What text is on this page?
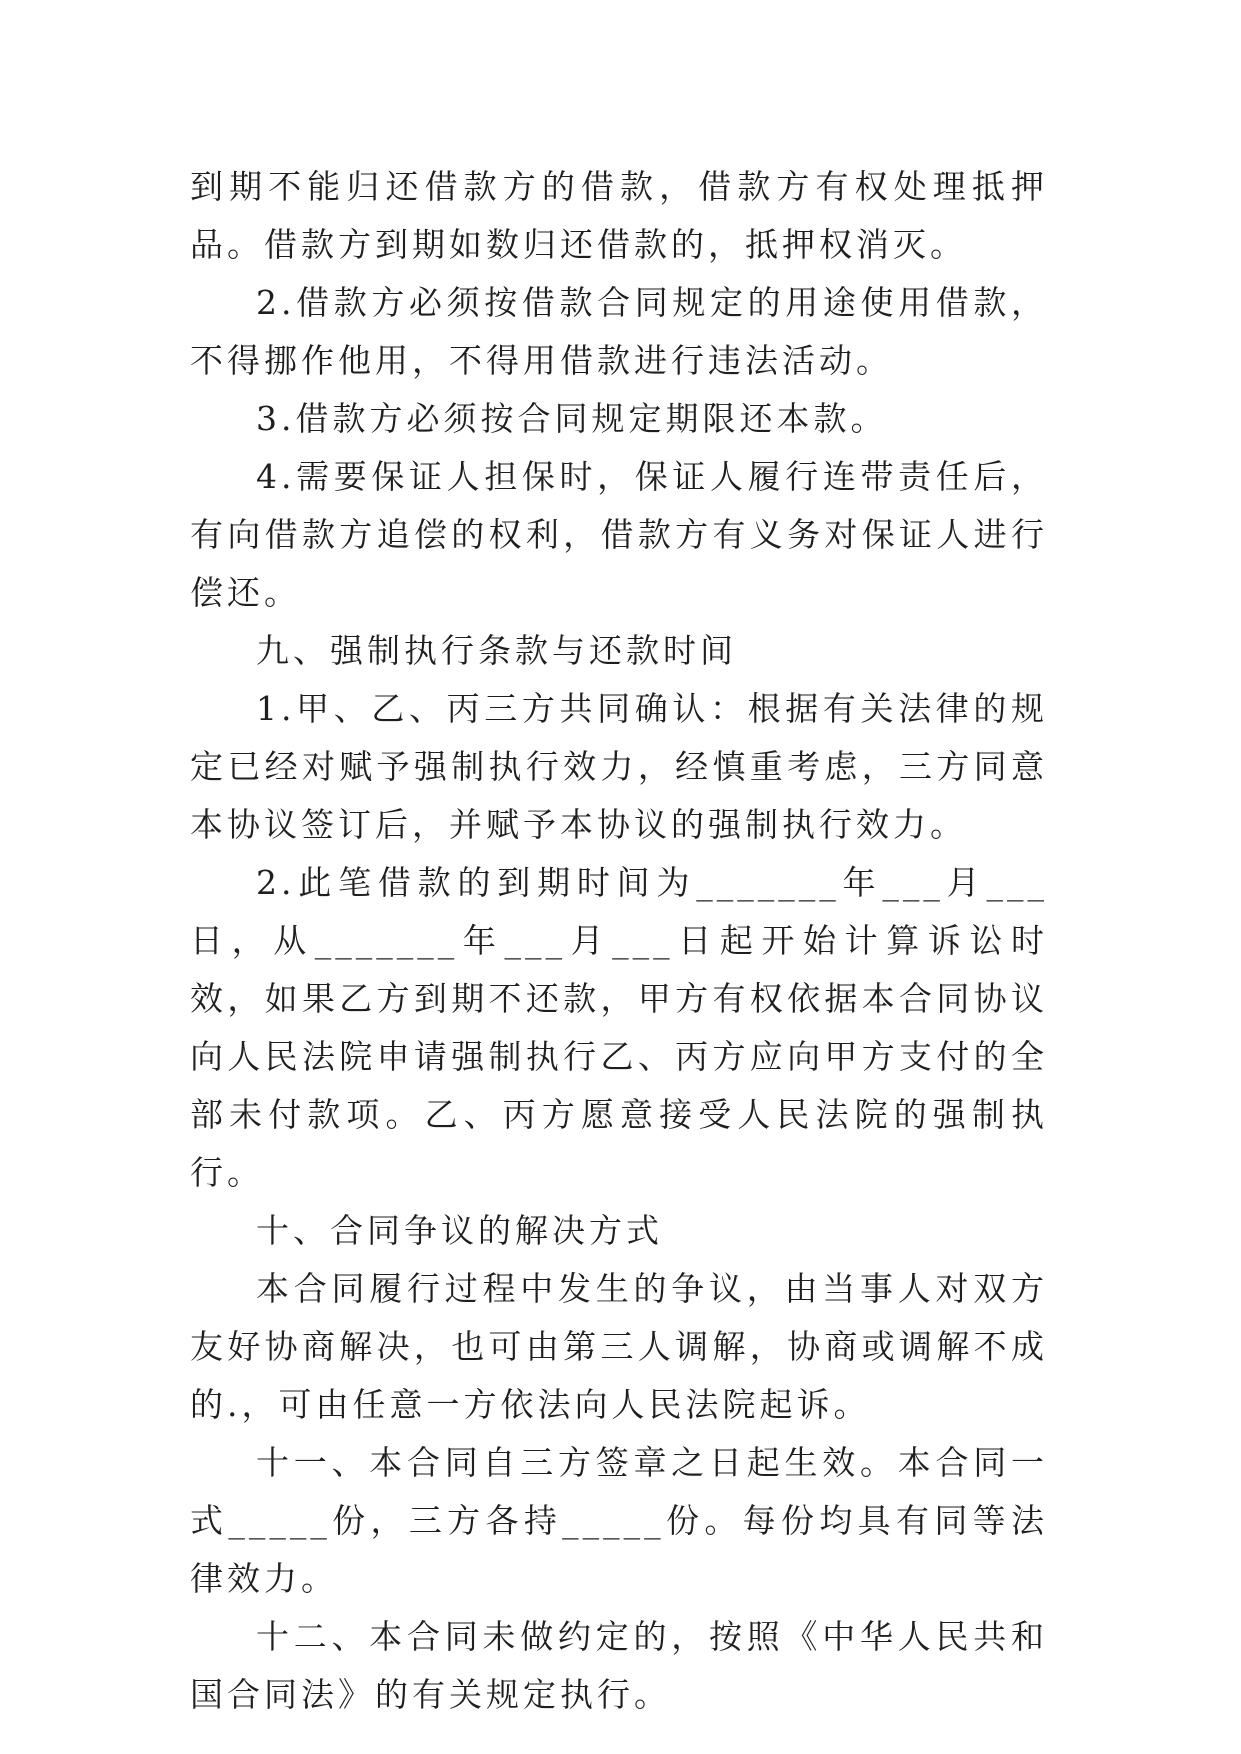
到期不能归还借款方的借款，借款方有权处理抵押品。借款方到期如数归还借款的，抵押权消灭。

2.借款方必须按借款合同规定的用途使用借款，不得挪作他用，不得用借款进行违法活动。

3.借款方必须按合同规定期限还本款。

4.需要保证人担保时，保证人履行连带责任后，有向借款方追偿的权利，借款方有义务对保证人进行偿还。

九、强制执行条款与还款时间

1.甲、乙、丙三方共同确认：根据有关法律的规定已经对赋予强制执行效力，经慎重考虑，三方同意本协议签订后，并赋予本协议的强制执行效力。

2.此笔借款的到期时间为_______年___月___日，从_______年___月___日起开始计算诉讼时效，如果乙方到期不还款，甲方有权依据本合同协议向人民法院申请强制执行乙、丙方应向甲方支付的全部未付款项。乙、丙方愿意接受人民法院的强制执行。

十、合同争议的解决方式

本合同履行过程中发生的争议，由当事人对双方友好协商解决，也可由第三人调解，协商或调解不成的.，可由任意一方依法向人民法院起诉。

十一、本合同自三方签章之日起生效。本合同一式_____份，三方各持_____份。每份均具有同等法律效力。

十二、本合同未做约定的，按照《中华人民共和国合同法》的有关规定执行。
